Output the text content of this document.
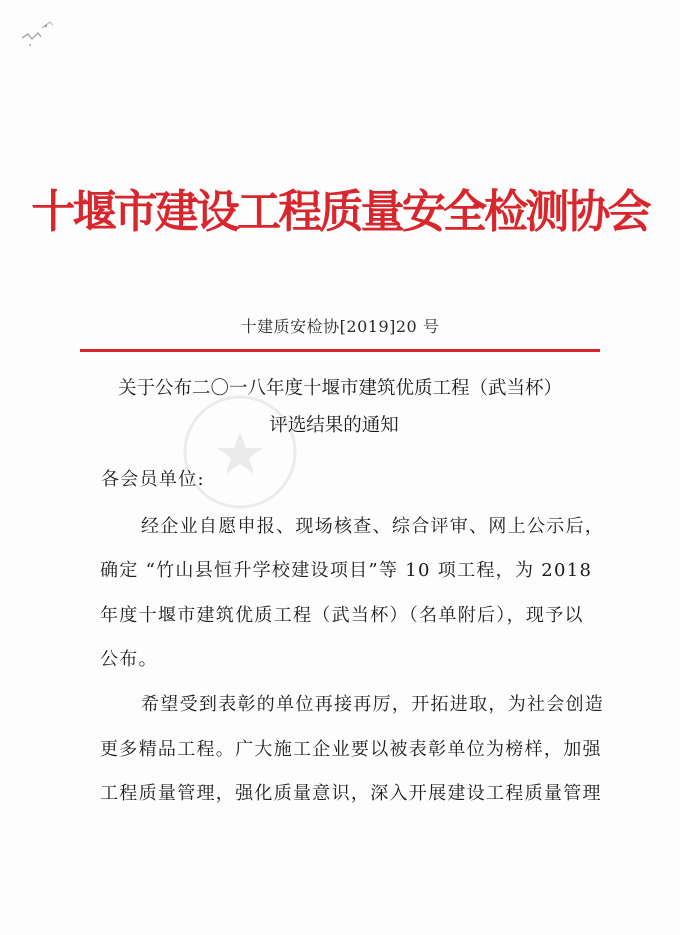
十堰市建设工程质量安全检测协会
十建质安检协[2019]20 号
关于公布二〇一八年度十堰市建筑优质工程（武当杯）
评选结果的通知
各会员单位:
经企业自愿申报、现场核查、综合评审、网上公示后，
确定 “竹山县恒升学校建设项目”等 10 项工程，为 2018
年度十堰市建筑优质工程（武当杯）（名单附后），现予以
公布。
希望受到表彰的单位再接再厉，开拓进取，为社会创造
更多精品工程。广大施工企业要以被表彰单位为榜样，加强
工程质量管理，强化质量意识，深入开展建设工程质量管理
